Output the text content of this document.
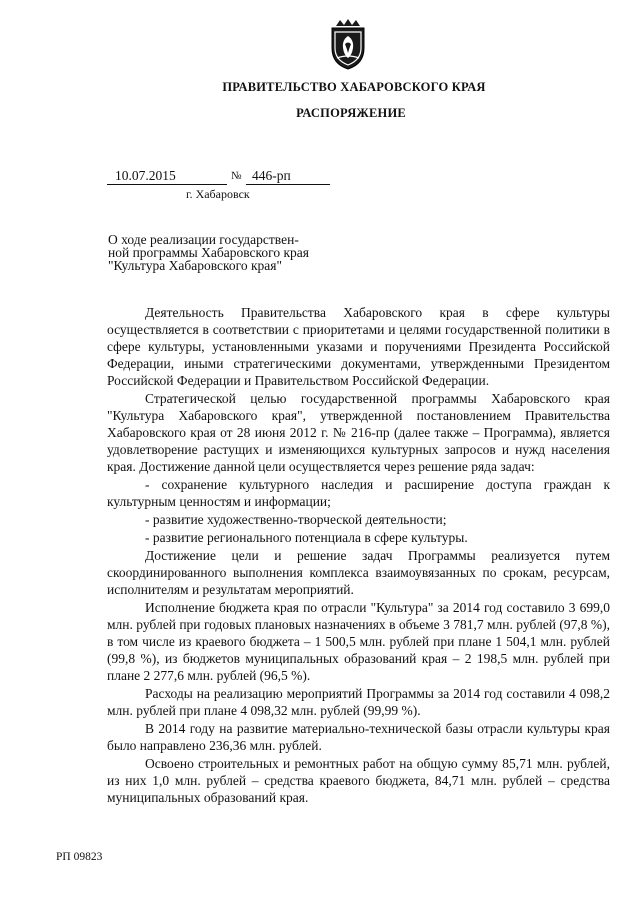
ПРАВИТЕЛЬСТВО ХАБАРОВСКОГО КРАЯ
РАСПОРЯЖЕНИЕ
10.07.2015	№ 446-рп
г. Хабаровск
О ходе реализации государствен-
ной программы Хабаровского края
"Культура Хабаровского края"

Деятельность Правительства Хабаровского края в сфере культуры осуществляется в соответствии с приоритетами и целями государственной политики в сфере культуры, установленными указами и поручениями Президента Российской Федерации, иными стратегическими документами, утвержденными Президентом Российской Федерации и Правительством Российской Федерации.

Стратегической целью государственной программы Хабаровского края "Культура Хабаровского края", утвержденной постановлением Правительства Хабаровского края от 28 июня 2012 г. № 216-пр (далее также – Программа), является удовлетворение растущих и изменяющихся культурных запросов и нужд населения края. Достижение данной цели осуществляется через решение ряда задач:

- сохранение культурного наследия и расширение доступа граждан к культурным ценностям и информации;

- развитие художественно-творческой деятельности;

- развитие регионального потенциала в сфере культуры.

Достижение цели и решение задач Программы реализуется путем скоординированного выполнения комплекса взаимоувязанных по срокам, ресурсам, исполнителям и результатам мероприятий.

Исполнение бюджета края по отрасли "Культура" за 2014 год составило 3 699,0 млн. рублей при годовых плановых назначениях в объеме 3 781,7 млн. рублей (97,8 %), в том числе из краевого бюджета – 1 500,5 млн. рублей при плане 1 504,1 млн. рублей (99,8 %), из бюджетов муниципальных образований края – 2 198,5 млн. рублей при плане 2 277,6 млн. рублей (96,5 %).

Расходы на реализацию мероприятий Программы за 2014 год составили 4 098,2 млн. рублей при плане 4 098,32 млн. рублей (99,99 %).

В 2014 году на развитие материально-технической базы отрасли культуры края было направлено 236,36 млн. рублей.

Освоено строительных и ремонтных работ на общую сумму 85,71 млн. рублей, из них 1,0 млн. рублей – средства краевого бюджета, 84,71 млн. рублей – средства муниципальных образований края.

РП 09823
